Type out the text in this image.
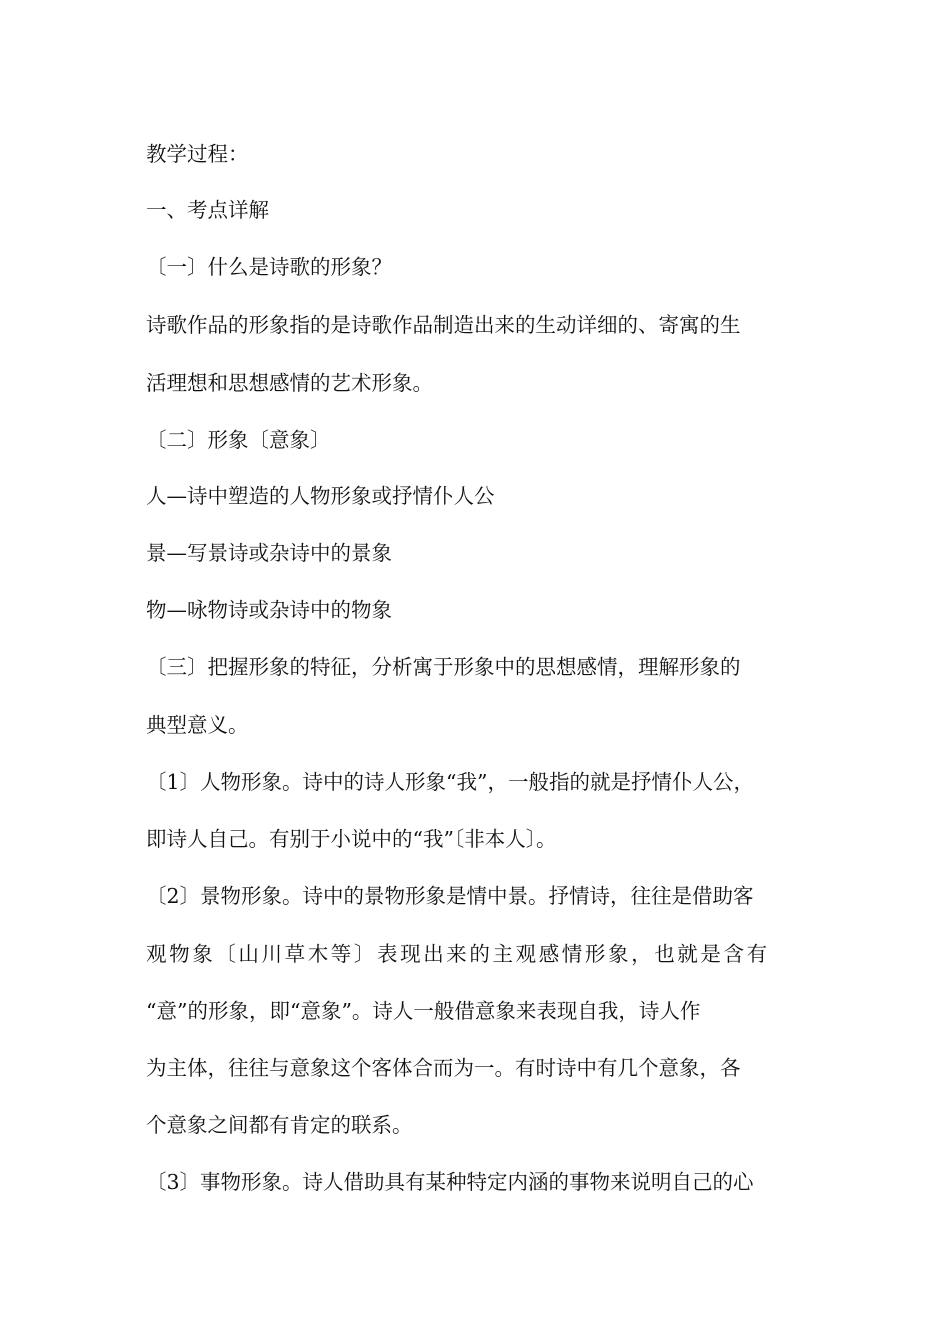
教学过程：
一、考点详解
〔一〕什么是诗歌的形象？
诗歌作品的形象指的是诗歌作品制造出来的生动详细的、寄寓的生
活理想和思想感情的艺术形象。
〔二〕形象〔意象〕
人—诗中塑造的人物形象或抒情仆人公
景—写景诗或杂诗中的景象
物—咏物诗或杂诗中的物象
〔三〕把握形象的特征，分析寓于形象中的思想感情，理解形象的
典型意义。
〔1〕人物形象。诗中的诗人形象“我”，一般指的就是抒情仆人公，
即诗人自己。有别于小说中的“我”〔非本人〕。
〔2〕景物形象。诗中的景物形象是情中景。抒情诗，往往是借助客
观物象〔山川草木等〕表现出来的主观感情形象，也就是含有
“意”的形象，即“意象”。诗人一般借意象来表现自我，诗人作
为主体，往往与意象这个客体合而为一。有时诗中有几个意象，各
个意象之间都有肯定的联系。
〔3〕事物形象。诗人借助具有某种特定内涵的事物来说明自己的心
